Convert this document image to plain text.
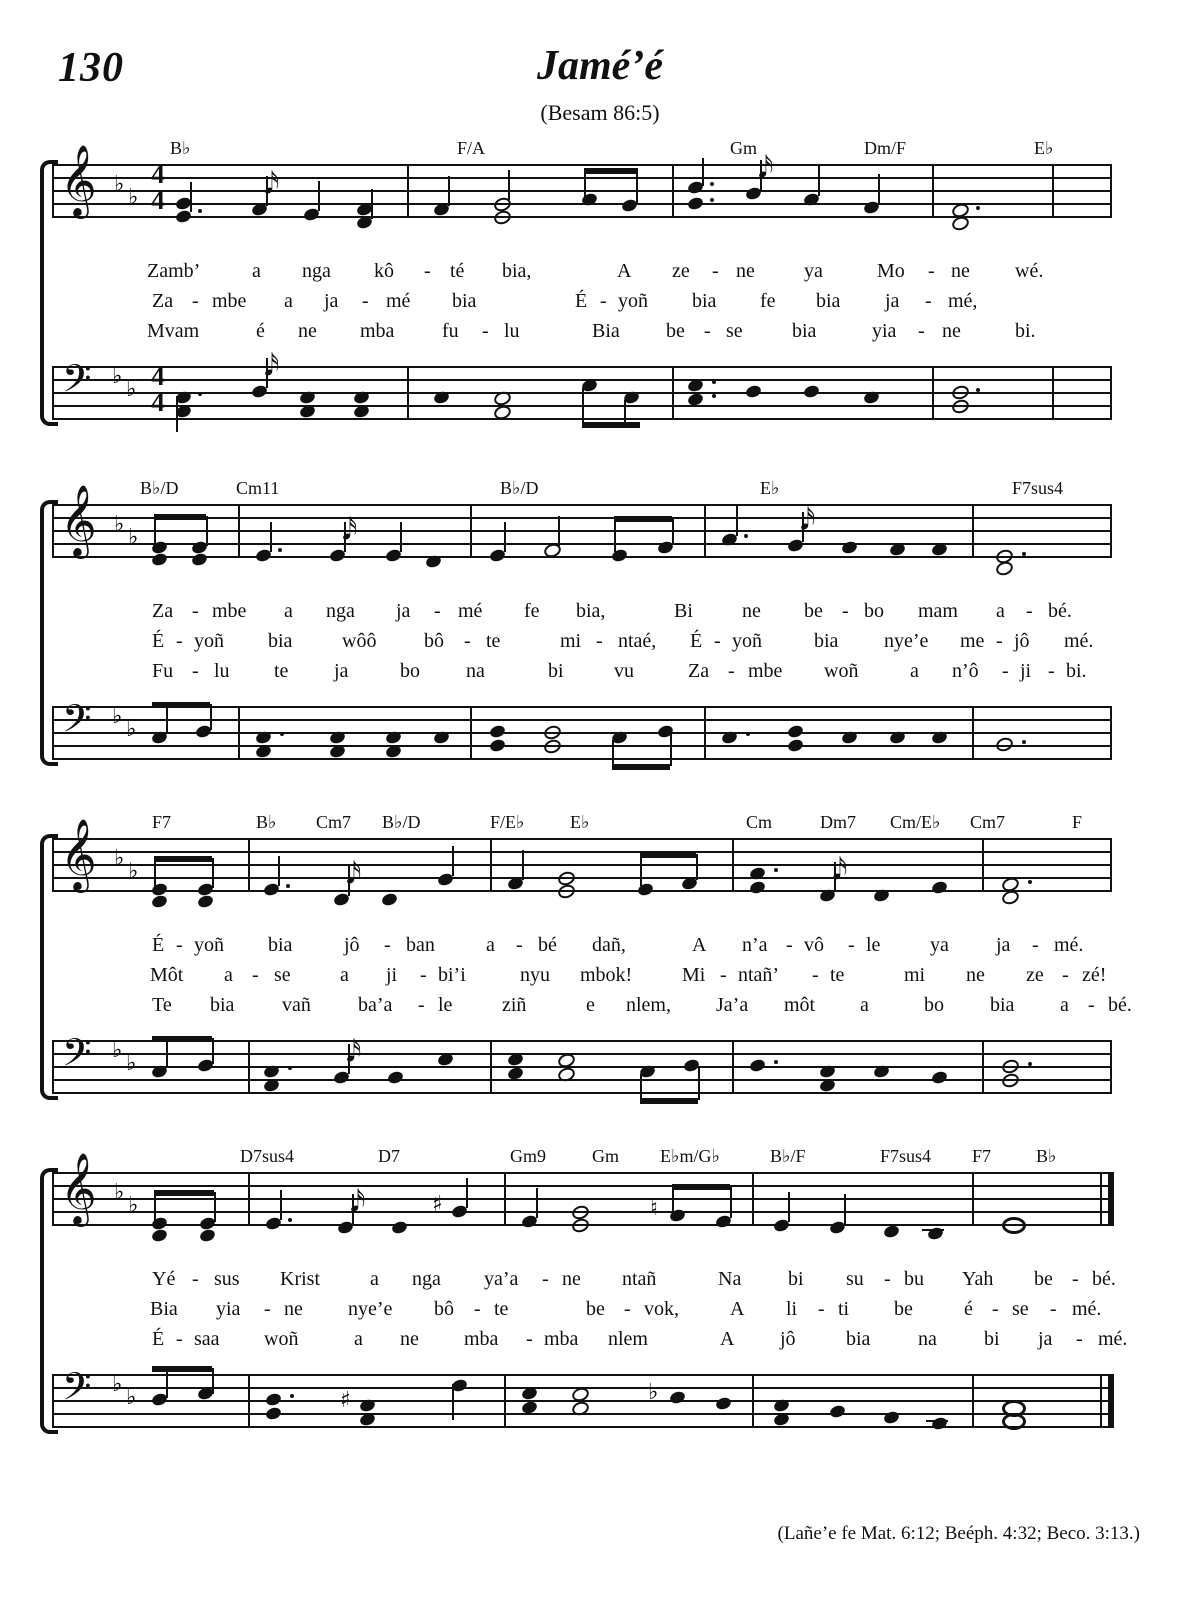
130	Jamé’é
(Besam 86:5)
B♭	F/A	Gm	Dm/F	E♭
𝄞 ♭
♭
4
4	𝅘𝅥𝅯	𝅘𝅥𝅯
Zamb’	a nga kô - té bia,	A ze - ne ya	Mo - ne wé.
Za - mbe a ja - mé bia	É - yoñ bia fe bia ja - mé,
Mvam	é ne mba fu - lu	Bia be - se bia	yia - ne	bi.
𝄢 ♭
♭ 4
4
𝅘𝅥𝅯
B♭/D	Cm11	B♭/D	E♭	F7sus4
𝄞 ♭
♭	𝅘𝅥𝅯	𝅘𝅥𝅯
Za - mbe a nga ja - mé fe bia,	Bi ne be - bo mam a - bé.
É - yoñ bia wôô bô - te	mi - ntaé, É - yoñ	bia nye’e me - jô mé.
Fu - lu te ja	bo na	bi	vu	Za - mbe woñ	a n’ô - ji - bi.
𝄢 ♭
♭
F7	B♭ Cm7 B♭/D	F/E♭	E♭	Cm	Dm7 Cm/E♭ Cm7	F
𝄞 ♭
♭	𝅘𝅥𝅯	𝅘𝅥𝅯
É - yoñ bia	jô - ban	a - bé dañ,	A n’a - vô - le ya ja - mé.
Môt a - se a ji - bi’i	nyu mbok! Mi - ntañ’ - te	mi ne ze - zé!
Te bia vañ ba’a - le ziñ	e nlem, Ja’a môt a	bo bia a - bé.
𝄢 ♭
♭	𝅘𝅥𝅯
D7sus4	D7	Gm9	Gm E♭m/G♭	B♭/F	F7sus4 F7 B♭
𝄞 ♭
♭	𝅘𝅥𝅯	♯	♮
Yé - sus Krist	a nga ya’a - ne ntañ	Na bi su - bu Yah be - bé.
Bia yia - ne nye’e bô - te	be - vok,	A li - ti be	é - se - mé.
É - saa woñ	a ne mba - mba nlem	A jô	bia na bi ja - mé.
𝄢 ♭
♭	♯	♭
(Lañe’e fe Mat. 6:12; Beéph. 4:32; Beco. 3:13.)
